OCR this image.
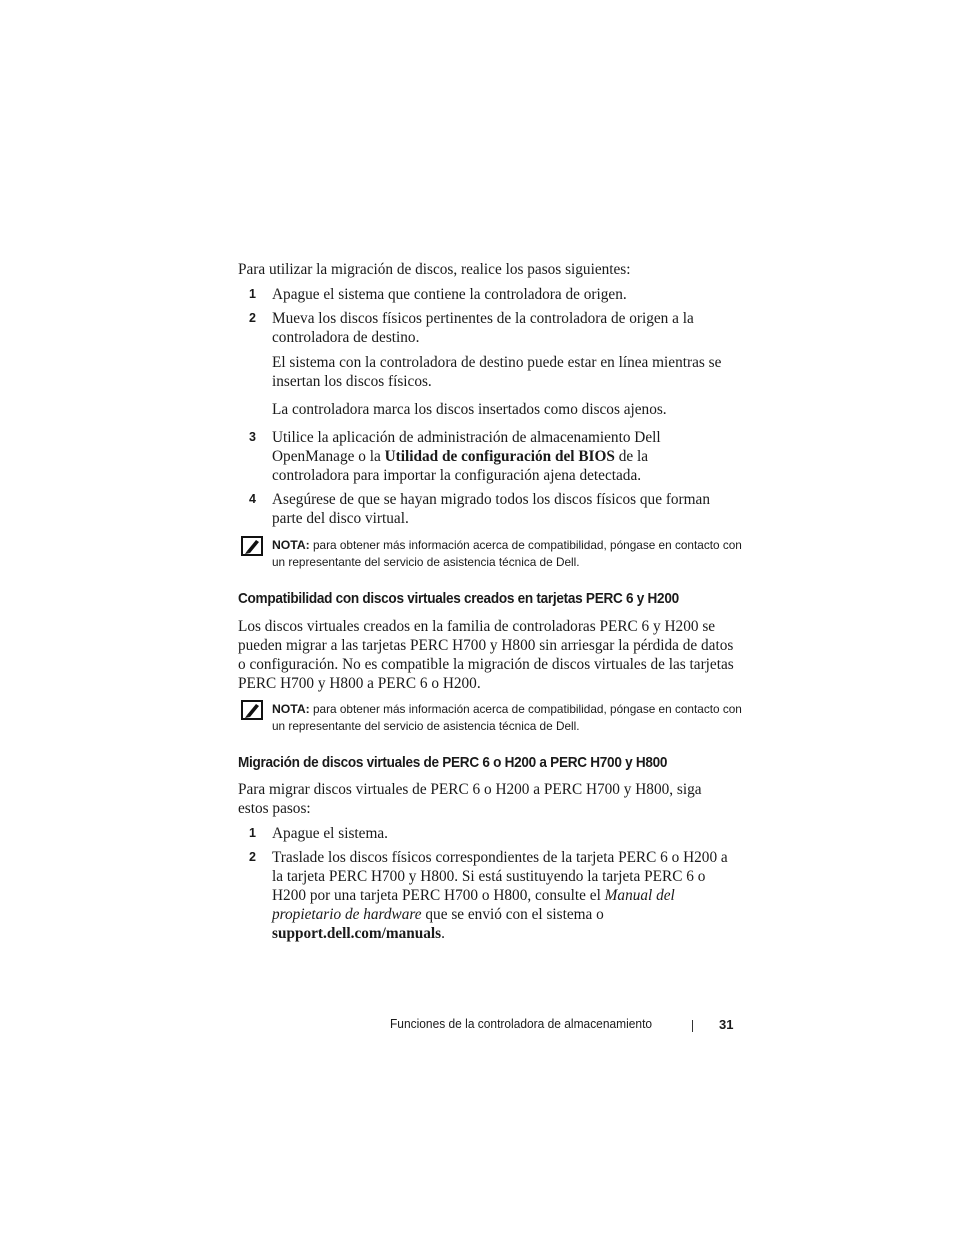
Para utilizar la migración de discos, realice los pasos siguientes:

1 Apague el sistema que contiene la controladora de origen.

2 Mueva los discos físicos pertinentes de la controladora de origen a la controladora de destino.

El sistema con la controladora de destino puede estar en línea mientras se insertan los discos físicos.

La controladora marca los discos insertados como discos ajenos.

3 Utilice la aplicación de administración de almacenamiento Dell OpenManage o la Utilidad de configuración del BIOS de la controladora para importar la configuración ajena detectada.

4 Asegúrese de que se hayan migrado todos los discos físicos que forman parte del disco virtual.

NOTA: para obtener más información acerca de compatibilidad, póngase en contacto con un representante del servicio de asistencia técnica de Dell.

Compatibilidad con discos virtuales creados en tarjetas PERC 6 y H200

Los discos virtuales creados en la familia de controladoras PERC 6 y H200 se pueden migrar a las tarjetas PERC H700 y H800 sin arriesgar la pérdida de datos o configuración. No es compatible la migración de discos virtuales de las tarjetas PERC H700 y H800 a PERC 6 o H200.

NOTA: para obtener más información acerca de compatibilidad, póngase en contacto con un representante del servicio de asistencia técnica de Dell.

Migración de discos virtuales de PERC 6 o H200 a PERC H700 y H800

Para migrar discos virtuales de PERC 6 o H200 a PERC H700 y H800, siga estos pasos:

1 Apague el sistema.

2 Traslade los discos físicos correspondientes de la tarjeta PERC 6 o H200 a la tarjeta PERC H700 y H800. Si está sustituyendo la tarjeta PERC 6 o H200 por una tarjeta PERC H700 o H800, consulte el Manual del propietario de hardware que se envió con el sistema o support.dell.com/manuals.

Funciones de la controladora de almacenamiento	31
